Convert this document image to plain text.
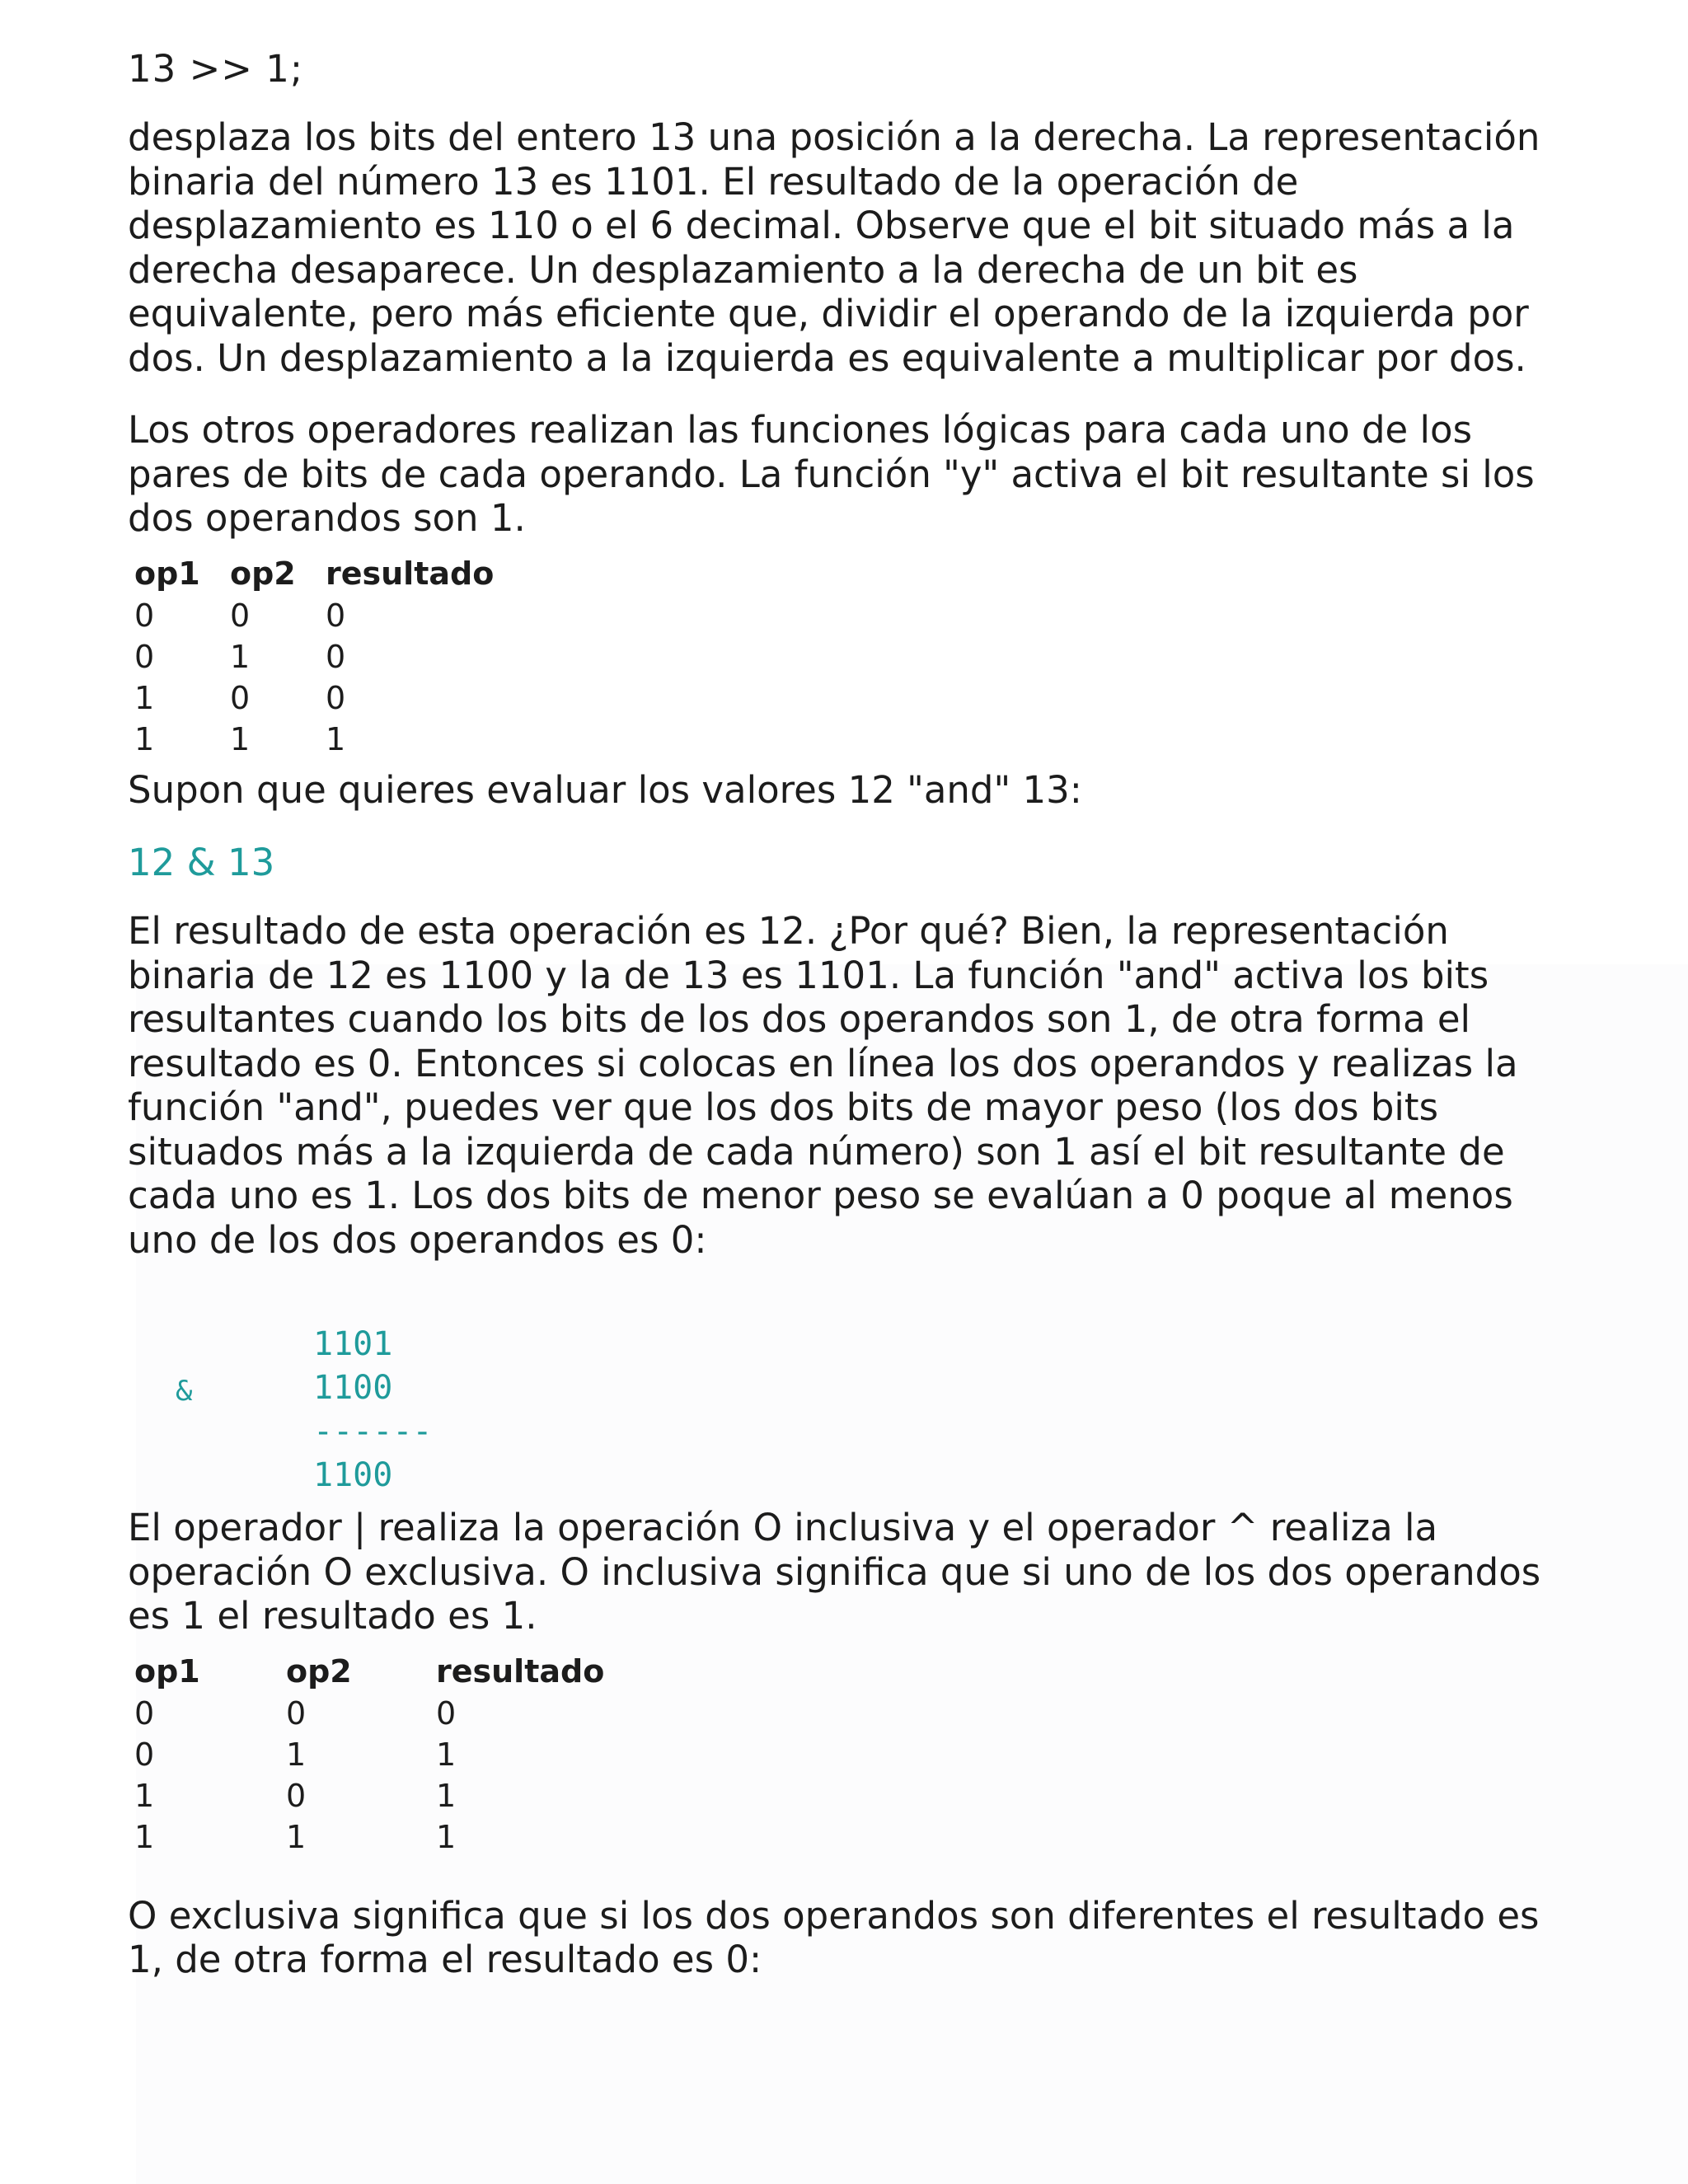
13 >> 1;

desplaza los bits del entero 13 una posición a la derecha. La representación binaria del número 13 es 1101. El resultado de la operación de desplazamiento es 110 o el 6 decimal. Observe que el bit situado más a la derecha desaparece. Un desplazamiento a la derecha de un bit es equivalente, pero más eficiente que, dividir el operando de la izquierda por dos. Un desplazamiento a la izquierda es equivalente a multiplicar por dos.

Los otros operadores realizan las funciones lógicas para cada uno de los pares de bits de cada operando. La función "y" activa el bit resultante si los dos operandos son 1.

op1	op2	resultado
0	0	0
0	1	0
1	0	0
1	1	1

Supon que quieres evaluar los valores 12 "and" 13:

12 & 13

El resultado de esta operación es 12. ¿Por qué? Bien, la representación binaria de 12 es 1100 y la de 13 es 1101. La función "and" activa los bits resultantes cuando los bits de los dos operandos son 1, de otra forma el resultado es 0. Entonces si colocas en línea los dos operandos y realizas la función "and", puedes ver que los dos bits de mayor peso (los dos bits situados más a la izquierda de cada número) son 1 así el bit resultante de cada uno es 1. Los dos bits de menor peso se evalúan a 0 poque al menos uno de los dos operandos es 0:

1101
&	1100
------
1100

El operador | realiza la operación O inclusiva y el operador ^ realiza la operación O exclusiva. O inclusiva significa que si uno de los dos operandos es 1 el resultado es 1.

op1	op2	resultado
0	0	0
0	1	1
1	0	1
1	1	1

O exclusiva significa que si los dos operandos son diferentes el resultado es 1, de otra forma el resultado es 0:
